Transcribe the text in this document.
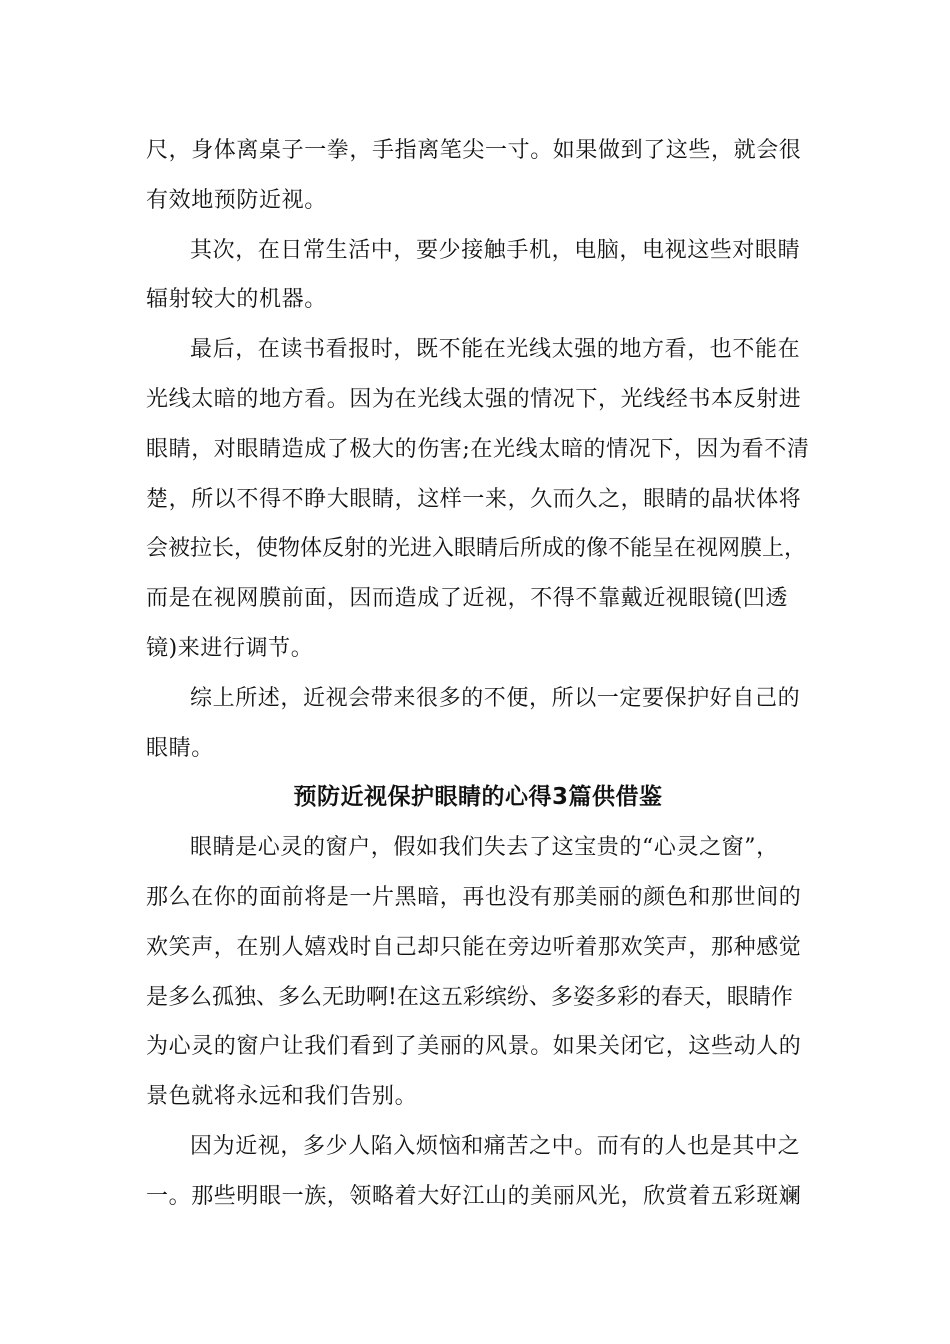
尺，身体离桌子一拳，手指离笔尖一寸。如果做到了这些，就会很
有效地预防近视。
其次，在日常生活中，要少接触手机，电脑，电视这些对眼睛
辐射较大的机器。
最后，在读书看报时，既不能在光线太强的地方看，也不能在
光线太暗的地方看。因为在光线太强的情况下，光线经书本反射进
眼睛，对眼睛造成了极大的伤害;在光线太暗的情况下，因为看不清
楚，所以不得不睁大眼睛，这样一来，久而久之，眼睛的晶状体将
会被拉长，使物体反射的光进入眼睛后所成的像不能呈在视网膜上，
而是在视网膜前面，因而造成了近视，不得不靠戴近视眼镜(凹透
镜)来进行调节。
综上所述，近视会带来很多的不便，所以一定要保护好自己的
眼睛。
预防近视保护眼睛的心得3篇供借鉴
眼睛是心灵的窗户，假如我们失去了这宝贵的“心灵之窗”，
那么在你的面前将是一片黑暗，再也没有那美丽的颜色和那世间的
欢笑声，在别人嬉戏时自己却只能在旁边听着那欢笑声，那种感觉
是多么孤独、多么无助啊!在这五彩缤纷、多姿多彩的春天，眼睛作
为心灵的窗户让我们看到了美丽的风景。如果关闭它，这些动人的
景色就将永远和我们告别。
因为近视，多少人陷入烦恼和痛苦之中。而有的人也是其中之
一。那些明眼一族，领略着大好江山的美丽风光，欣赏着五彩斑斓
